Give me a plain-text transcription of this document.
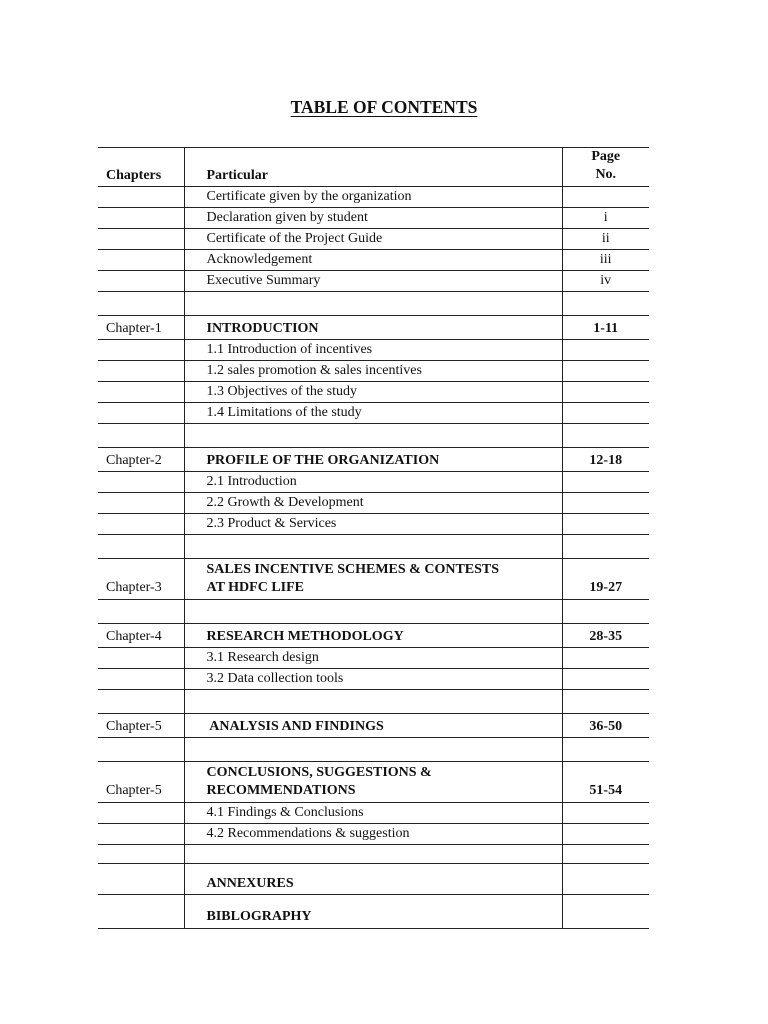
TABLE OF CONTENTS
Chapters	Particular	Page
No.
	Certificate given by the organization	
	Declaration given by student	i
	Certificate of the Project Guide	ii
	Acknowledgement	iii
	Executive Summary	iv

Chapter-1	INTRODUCTION	1-11
	1.1 Introduction of incentives	
	1.2 sales promotion & sales incentives	
	1.3 Objectives of the study	
	1.4 Limitations of the study	

Chapter-2	PROFILE OF THE ORGANIZATION	12-18
	2.1 Introduction	
	2.2 Growth & Development	
	2.3 Product & Services	

Chapter-3	SALES INCENTIVE SCHEMES & CONTESTS
AT HDFC LIFE	19-27

Chapter-4	RESEARCH METHODOLOGY	28-35
	3.1 Research design	
	3.2 Data collection tools	

Chapter-5	ANALYSIS AND FINDINGS	36-50

Chapter-5	CONCLUSIONS, SUGGESTIONS &
RECOMMENDATIONS	51-54
	4.1 Findings & Conclusions	
	4.2 Recommendations & suggestion	

	ANNEXURES	
	BIBLOGRAPHY	
